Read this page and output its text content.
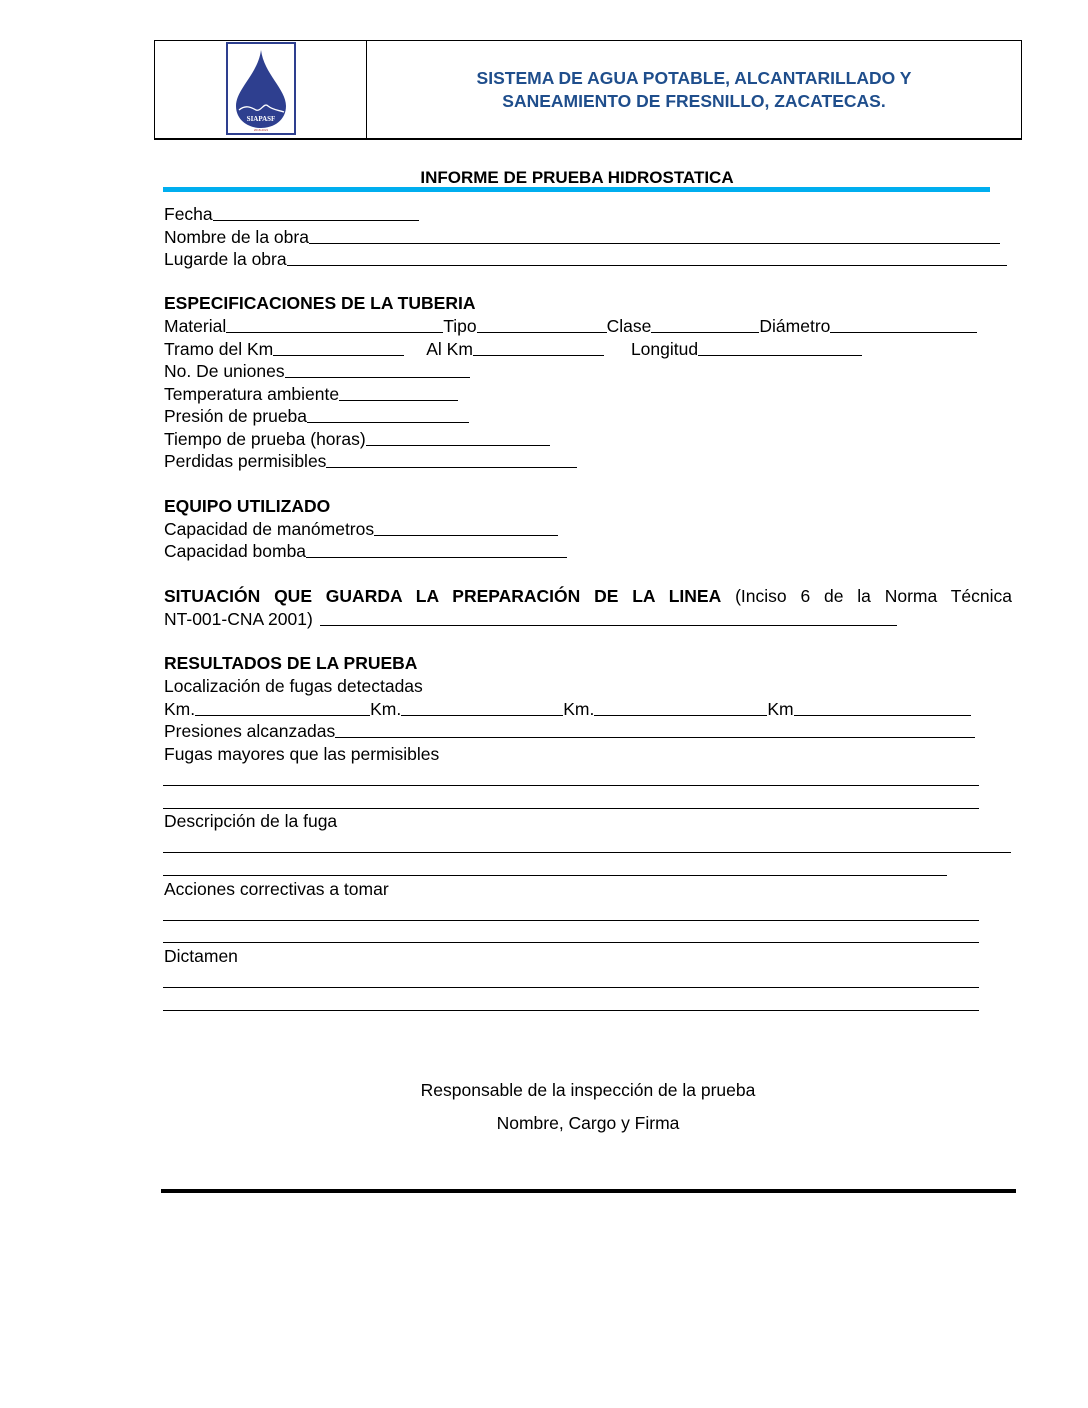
SIAPASF
2018-2021
SISTEMA DE AGUA POTABLE, ALCANTARILLADO Y
SANEAMIENTO DE FRESNILLO, ZACATECAS.
INFORME DE PRUEBA HIDROSTATICA
Fecha
Nombre de la obra
Lugarde la obra
ESPECIFICACIONES DE LA TUBERIA
Material	Tipo	Clase	Diámetro
Tramo del Km	Al Km	Longitud
No. De uniones
Temperatura ambiente
Presión de prueba
Tiempo de prueba (horas)
Perdidas permisibles
EQUIPO UTILIZADO
Capacidad de manómetros
Capacidad bomba
SITUACIÓN QUE GUARDA LA PREPARACIÓN DE LA LINEA (Inciso 6 de la Norma Técnica
NT-001-CNA 2001)
RESULTADOS DE LA PRUEBA
Localización de fugas detectadas
Km.	Km.	Km.	Km
Presiones alcanzadas
Fugas mayores que las permisibles
Descripción de la fuga
Acciones correctivas a tomar
Dictamen
Responsable de la inspección de la prueba
Nombre, Cargo y Firma
